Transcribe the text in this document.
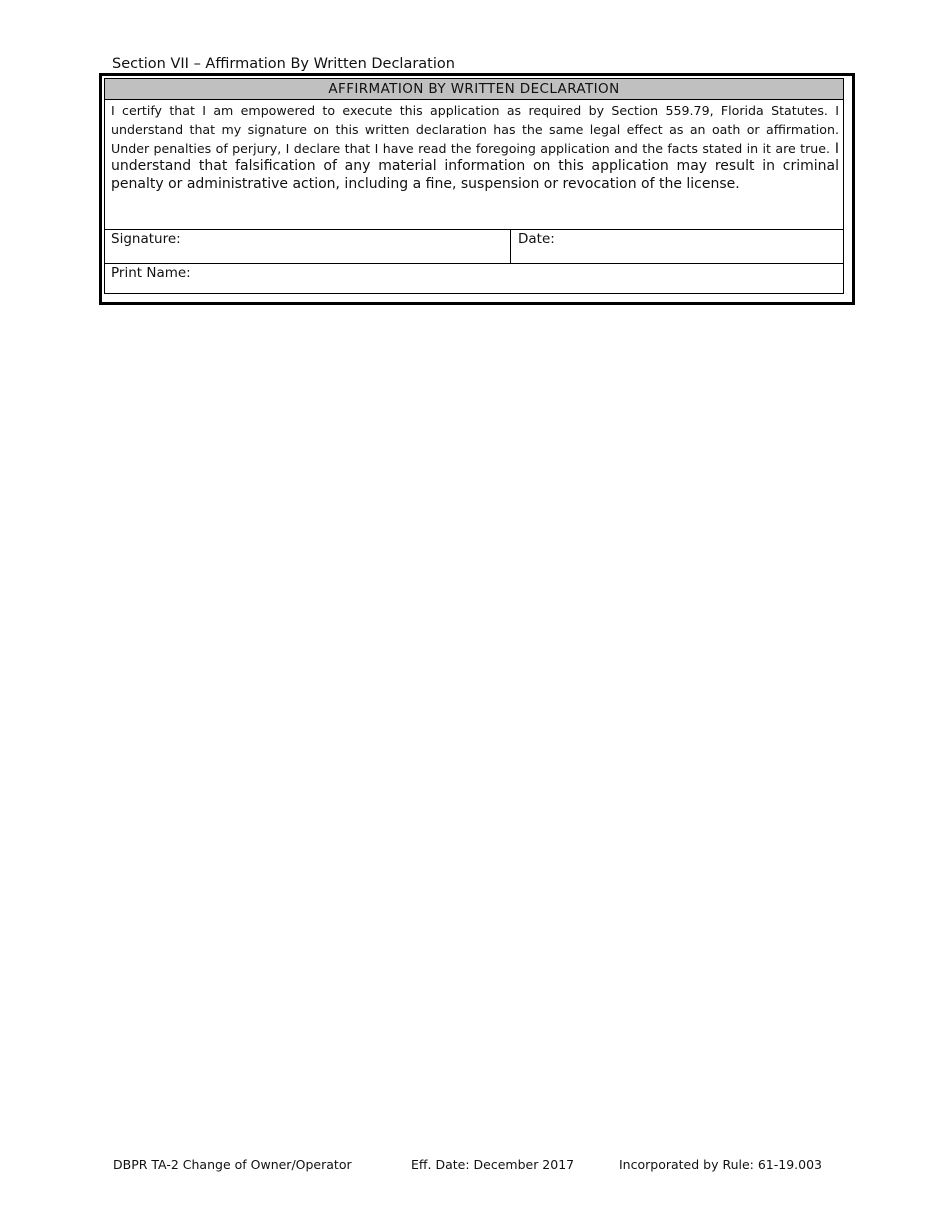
Section VII – Affirmation By Written Declaration
AFFIRMATION BY WRITTEN DECLARATION

I certify that I am empowered to execute this application as required by Section 559.79, Florida Statutes. I understand that my signature on this written declaration has the same legal effect as an oath or affirmation. Under penalties of perjury, I declare that I have read the foregoing application and the facts stated in it are true. I understand that falsification of any material information on this application may result in criminal penalty or administrative action, including a fine, suspension or revocation of the license.

Signature:	Date:
Print Name:
DBPR TA-2 Change of Owner/Operator	Eff. Date: December 2017	Incorporated by Rule: 61-19.003
